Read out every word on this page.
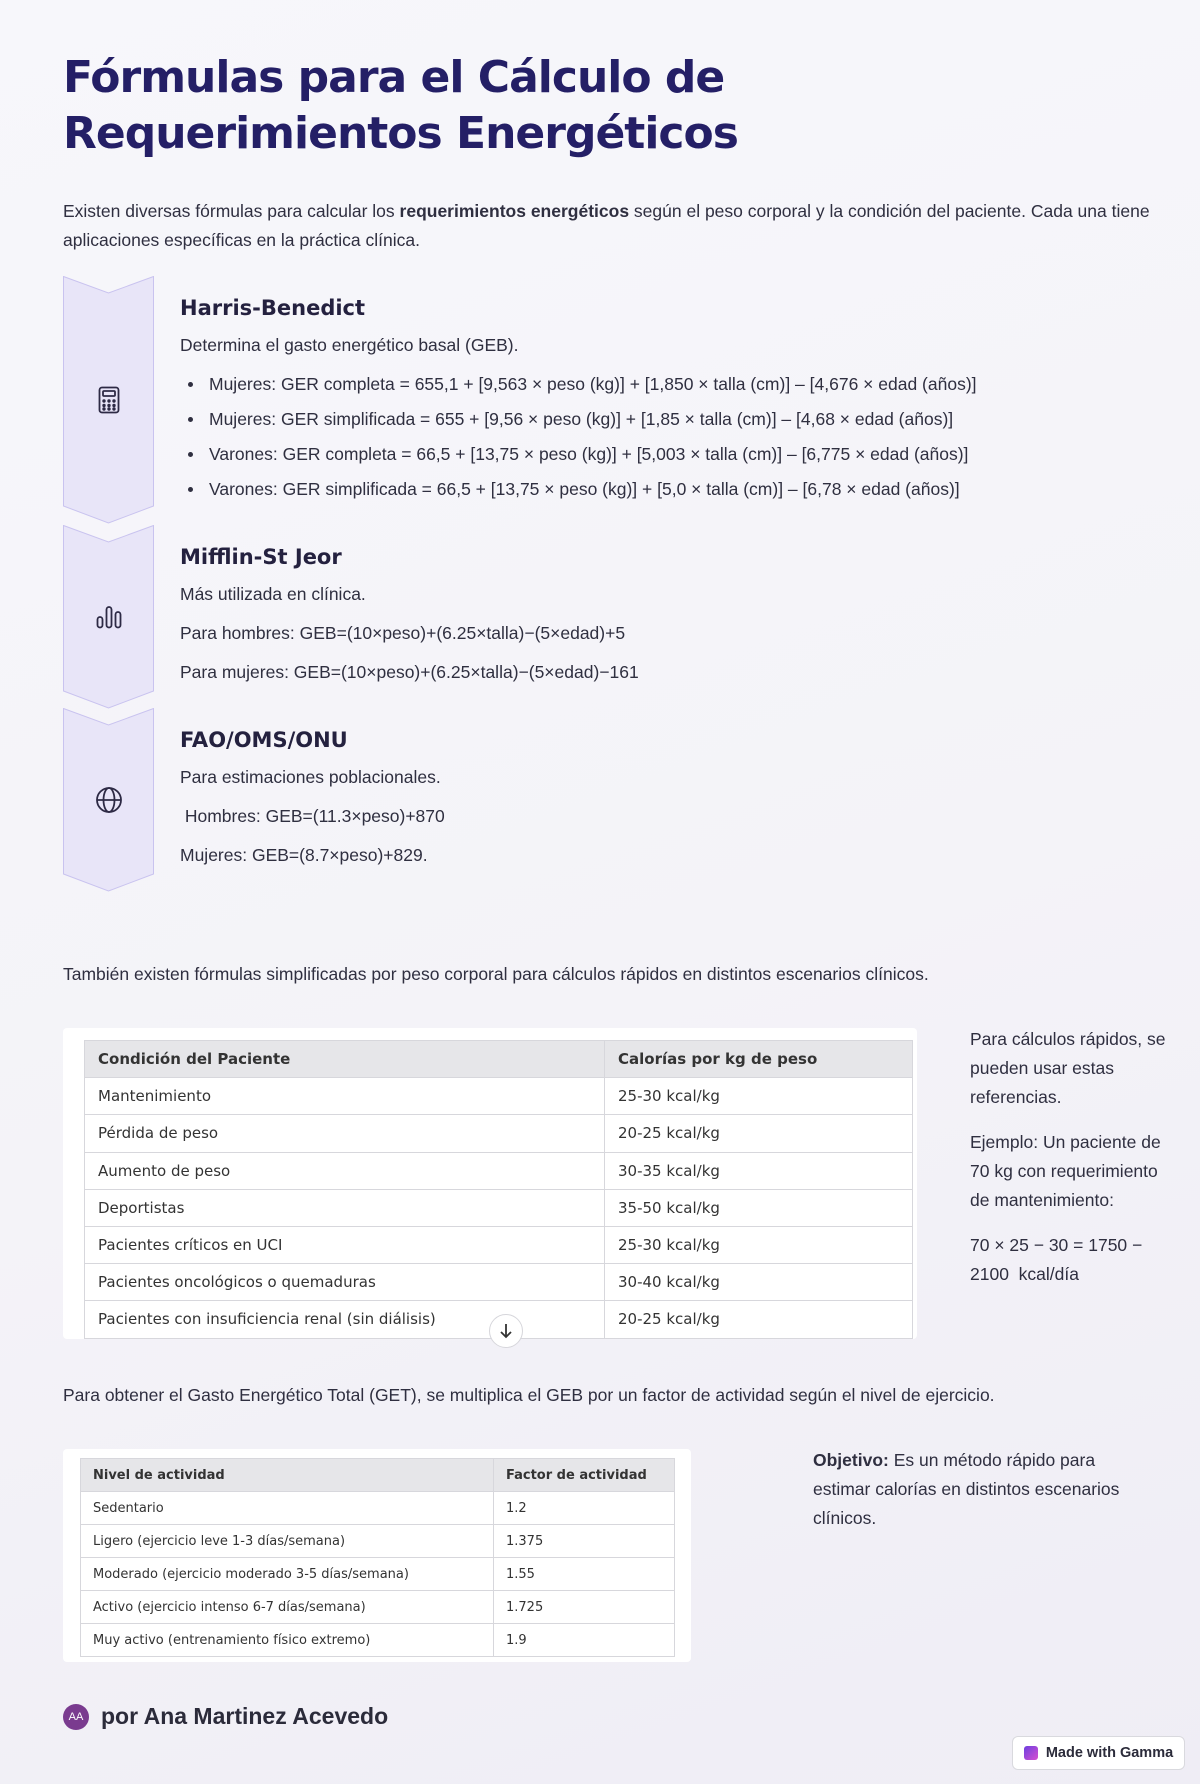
Fórmulas para el Cálculo de Requerimientos Energéticos

Existen diversas fórmulas para calcular los requerimientos energéticos según el peso corporal y la condición del paciente. Cada una tiene aplicaciones específicas en la práctica clínica.

Harris-Benedict

Determina el gasto energético basal (GEB).

Mujeres: GER completa = 655,1 + [9,563 × peso (kg)] + [1,850 × talla (cm)] – [4,676 × edad (años)]
Mujeres: GER simplificada = 655 + [9,56 × peso (kg)] + [1,85 × talla (cm)] – [4,68 × edad (años)]
Varones: GER completa = 66,5 + [13,75 × peso (kg)] + [5,003 × talla (cm)] – [6,775 × edad (años)]
Varones: GER simplificada = 66,5 + [13,75 × peso (kg)] + [5,0 × talla (cm)] – [6,78 × edad (años)]
Mifflin-St Jeor

Más utilizada en clínica.

Para hombres: GEB=(10×peso)+(6.25×talla)−(5×edad)+5

Para mujeres: GEB=(10×peso)+(6.25×talla)−(5×edad)−161

FAO/OMS/ONU

Para estimaciones poblacionales.

Hombres: GEB=(11.3×peso)+870

Mujeres: GEB=(8.7×peso)+829.

También existen fórmulas simplificadas por peso corporal para cálculos rápidos en distintos escenarios clínicos.

Condición del Paciente	Calorías por kg de peso
Mantenimiento	25-30 kcal/kg
Pérdida de peso	20-25 kcal/kg
Aumento de peso	30-35 kcal/kg
Deportistas	35-50 kcal/kg
Pacientes críticos en UCI	25-30 kcal/kg
Pacientes oncológicos o quemaduras	30-40 kcal/kg
Pacientes con insuficiencia renal (sin diálisis)	20-25 kcal/kg

Para cálculos rápidos, se pueden usar estas referencias.

Ejemplo: Un paciente de 70 kg con requerimiento de mantenimiento:

70 × 25 − 30 = 1750 − 2100  kcal/día

Para obtener el Gasto Energético Total (GET), se multiplica el GEB por un factor de actividad según el nivel de ejercicio.

Nivel de actividad	Factor de actividad
Sedentario	1.2
Ligero (ejercicio leve 1-3 días/semana)	1.375
Moderado (ejercicio moderado 3-5 días/semana)	1.55
Activo (ejercicio intenso 6-7 días/semana)	1.725
Muy activo (entrenamiento físico extremo)	1.9

Objetivo: Es un método rápido para estimar calorías en distintos escenarios clínicos.

AA por Ana Martinez Acevedo
Made with Gamma
